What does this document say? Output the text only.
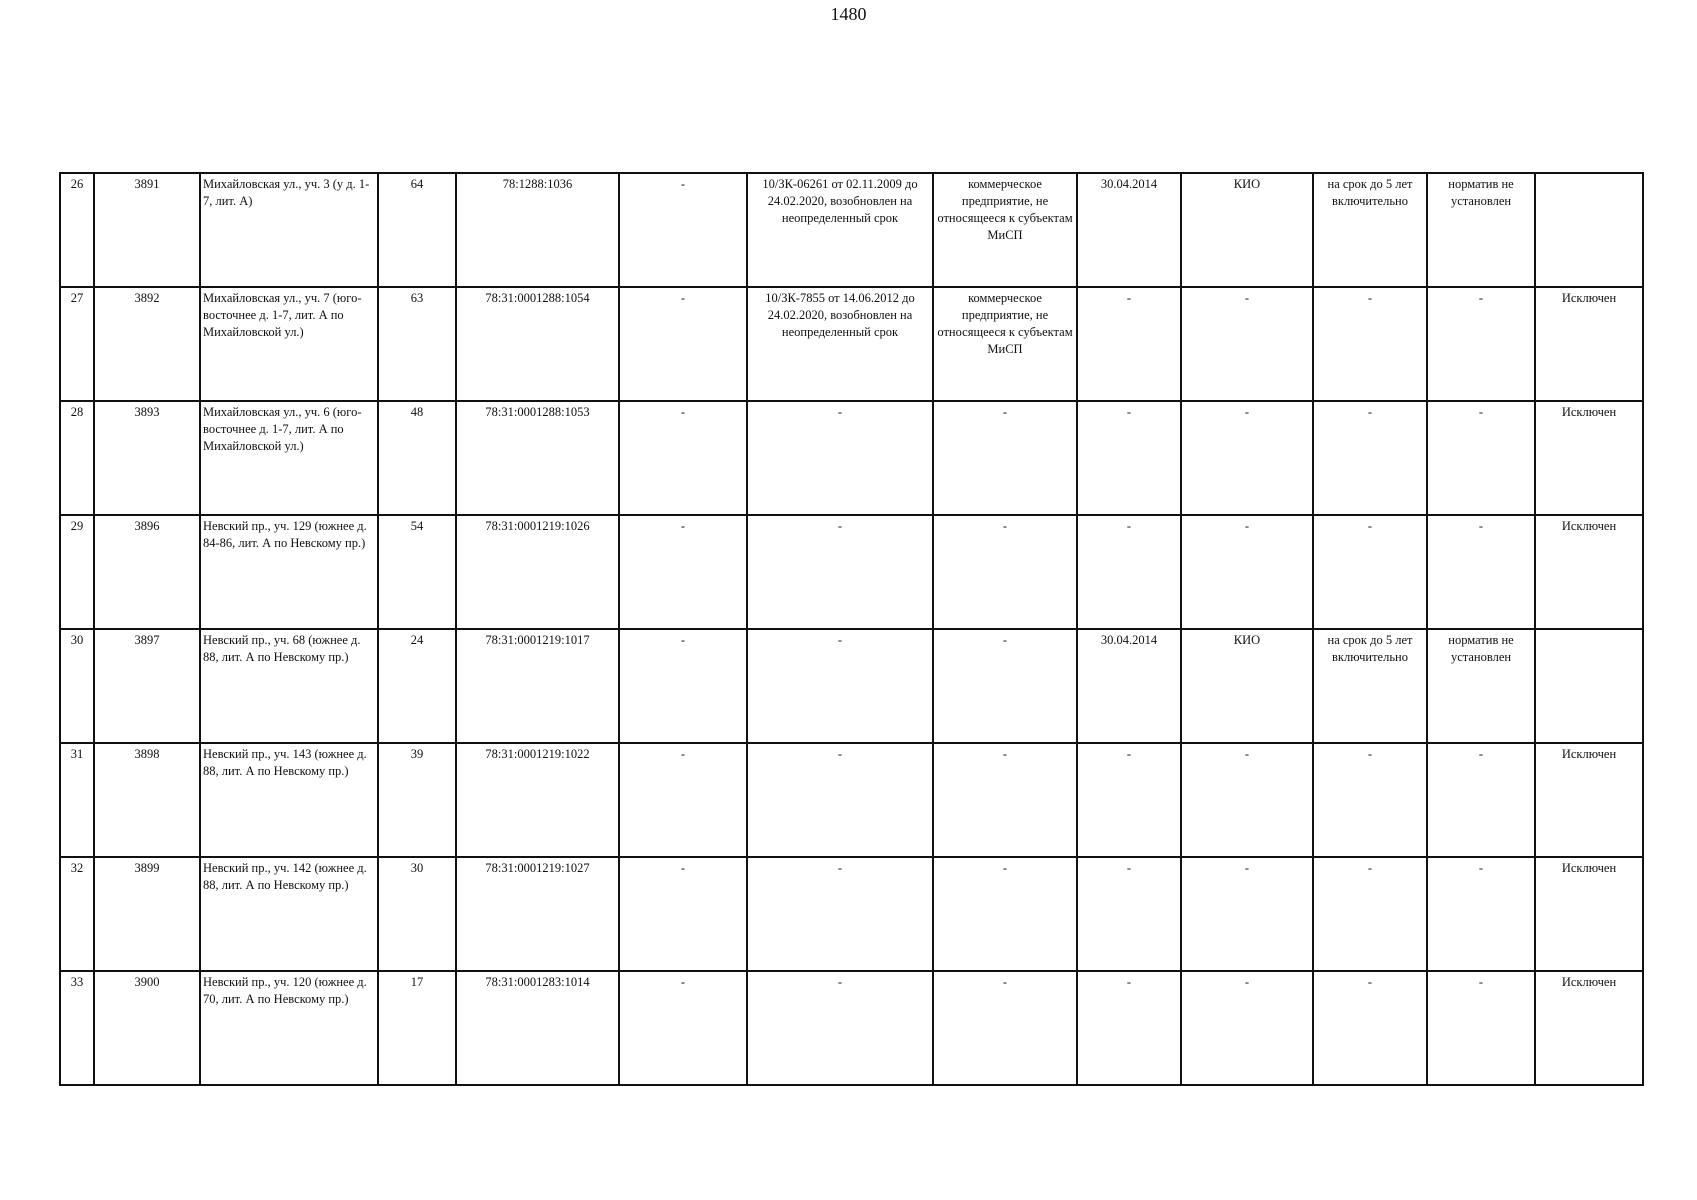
1480
26	3891	Михайловская ул., уч. 3 (у д. 1-7, лит. А)	64	78:1288:1036	-	10/ЗК-06261 от 02.11.2009 до 24.02.2020, возобновлен на неопределенный срок	коммерческое предприятие, не относящееся к субъектам МиСП	30.04.2014	КИО	на срок до 5 лет включительно	норматив не установлен	
27	3892	Михайловская ул., уч. 7 (юго-восточнее д. 1-7, лит. А по Михайловской ул.)	63	78:31:0001288:1054	-	10/ЗК-7855 от 14.06.2012 до 24.02.2020, возобновлен на неопределенный срок	коммерческое предприятие, не относящееся к субъектам МиСП	-	-	-	-	Исключен
28	3893	Михайловская ул., уч. 6 (юго-восточнее д. 1-7, лит. А по Михайловской ул.)	48	78:31:0001288:1053	-	-	-	-	-	-	-	Исключен
29	3896	Невский пр., уч. 129 (южнее д. 84-86, лит. А по Невскому пр.)	54	78:31:0001219:1026	-	-	-	-	-	-	-	Исключен
30	3897	Невский пр., уч. 68 (южнее д. 88, лит. А по Невскому пр.)	24	78:31:0001219:1017	-	-	-	30.04.2014	КИО	на срок до 5 лет включительно	норматив не установлен	
31	3898	Невский пр., уч. 143 (южнее д. 88, лит. А по Невскому пр.)	39	78:31:0001219:1022	-	-	-	-	-	-	-	Исключен
32	3899	Невский пр., уч. 142 (южнее д. 88, лит. А по Невскому пр.)	30	78:31:0001219:1027	-	-	-	-	-	-	-	Исключен
33	3900	Невский пр., уч. 120 (южнее д. 70, лит. А по Невскому пр.)	17	78:31:0001283:1014	-	-	-	-	-	-	-	Исключен
